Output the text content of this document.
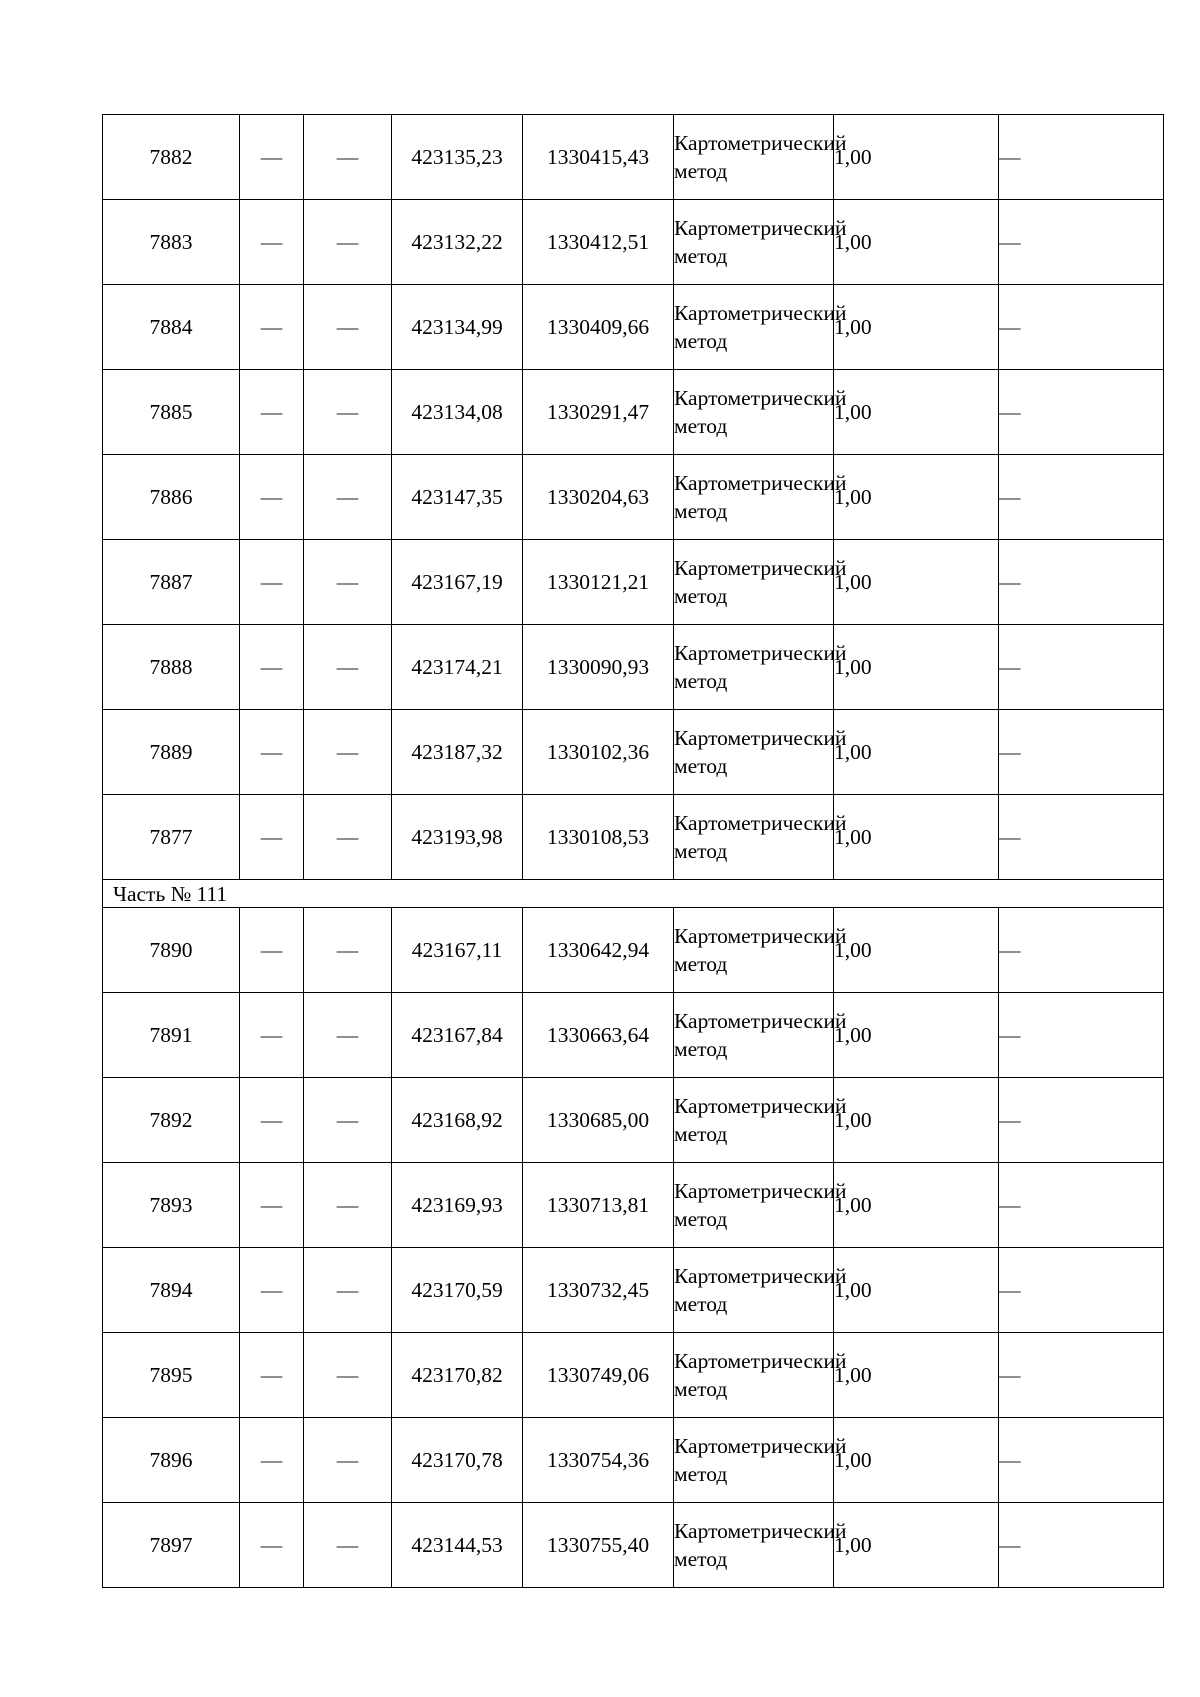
7882	—	—	423135,23	1330415,43	Картометрический метод	1,00	—
7883	—	—	423132,22	1330412,51	Картометрический метод	1,00	—
7884	—	—	423134,99	1330409,66	Картометрический метод	1,00	—
7885	—	—	423134,08	1330291,47	Картометрический метод	1,00	—
7886	—	—	423147,35	1330204,63	Картометрический метод	1,00	—
7887	—	—	423167,19	1330121,21	Картометрический метод	1,00	—
7888	—	—	423174,21	1330090,93	Картометрический метод	1,00	—
7889	—	—	423187,32	1330102,36	Картометрический метод	1,00	—
7877	—	—	423193,98	1330108,53	Картометрический метод	1,00	—
Часть № 111							
7890	—	—	423167,11	1330642,94	Картометрический метод	1,00	—
7891	—	—	423167,84	1330663,64	Картометрический метод	1,00	—
7892	—	—	423168,92	1330685,00	Картометрический метод	1,00	—
7893	—	—	423169,93	1330713,81	Картометрический метод	1,00	—
7894	—	—	423170,59	1330732,45	Картометрический метод	1,00	—
7895	—	—	423170,82	1330749,06	Картометрический метод	1,00	—
7896	—	—	423170,78	1330754,36	Картометрический метод	1,00	—
7897	—	—	423144,53	1330755,40	Картометрический метод	1,00	—
